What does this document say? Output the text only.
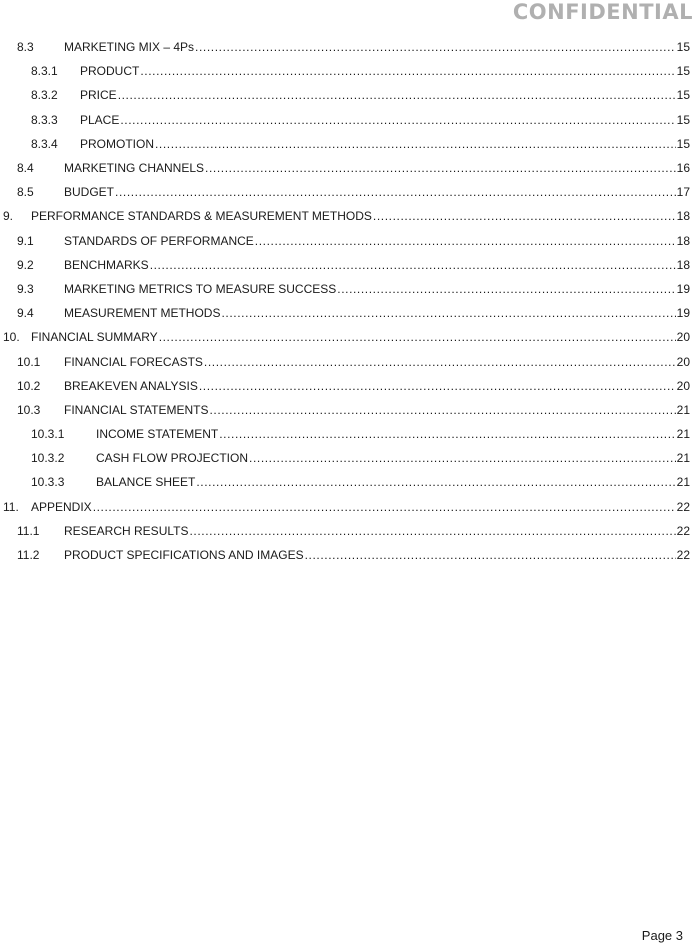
CONFIDENTIAL
8.3	MARKETING MIX – 4Ps .....	15
8.3.1 PRODUCT .....	15
8.3.2 PRICE .....	15
8.3.3 PLACE .....	15
8.3.4 PROMOTION .....	15
8.4	MARKETING CHANNELS .....	16
8.5	BUDGET .....	17
9. PERFORMANCE STANDARDS & MEASUREMENT METHODS .....	18
9.1	STANDARDS OF PERFORMANCE .....	18
9.2	BENCHMARKS .....	18
9.3	MARKETING METRICS TO MEASURE SUCCESS .....	19
9.4	MEASUREMENT METHODS .....	19
10. FINANCIAL SUMMARY .....	20
10.1 FINANCIAL FORECASTS .....	20
10.2 BREAKEVEN ANALYSIS .....	20
10.3 FINANCIAL STATEMENTS .....	21
10.3.1	INCOME STATEMENT .....	21
10.3.2	CASH FLOW PROJECTION .....	21
10.3.3	BALANCE SHEET .....	21
11. APPENDIX .....	22
11.1 RESEARCH RESULTS .....	22
11.2 PRODUCT SPECIFICATIONS AND IMAGES .....	22
Page 3
